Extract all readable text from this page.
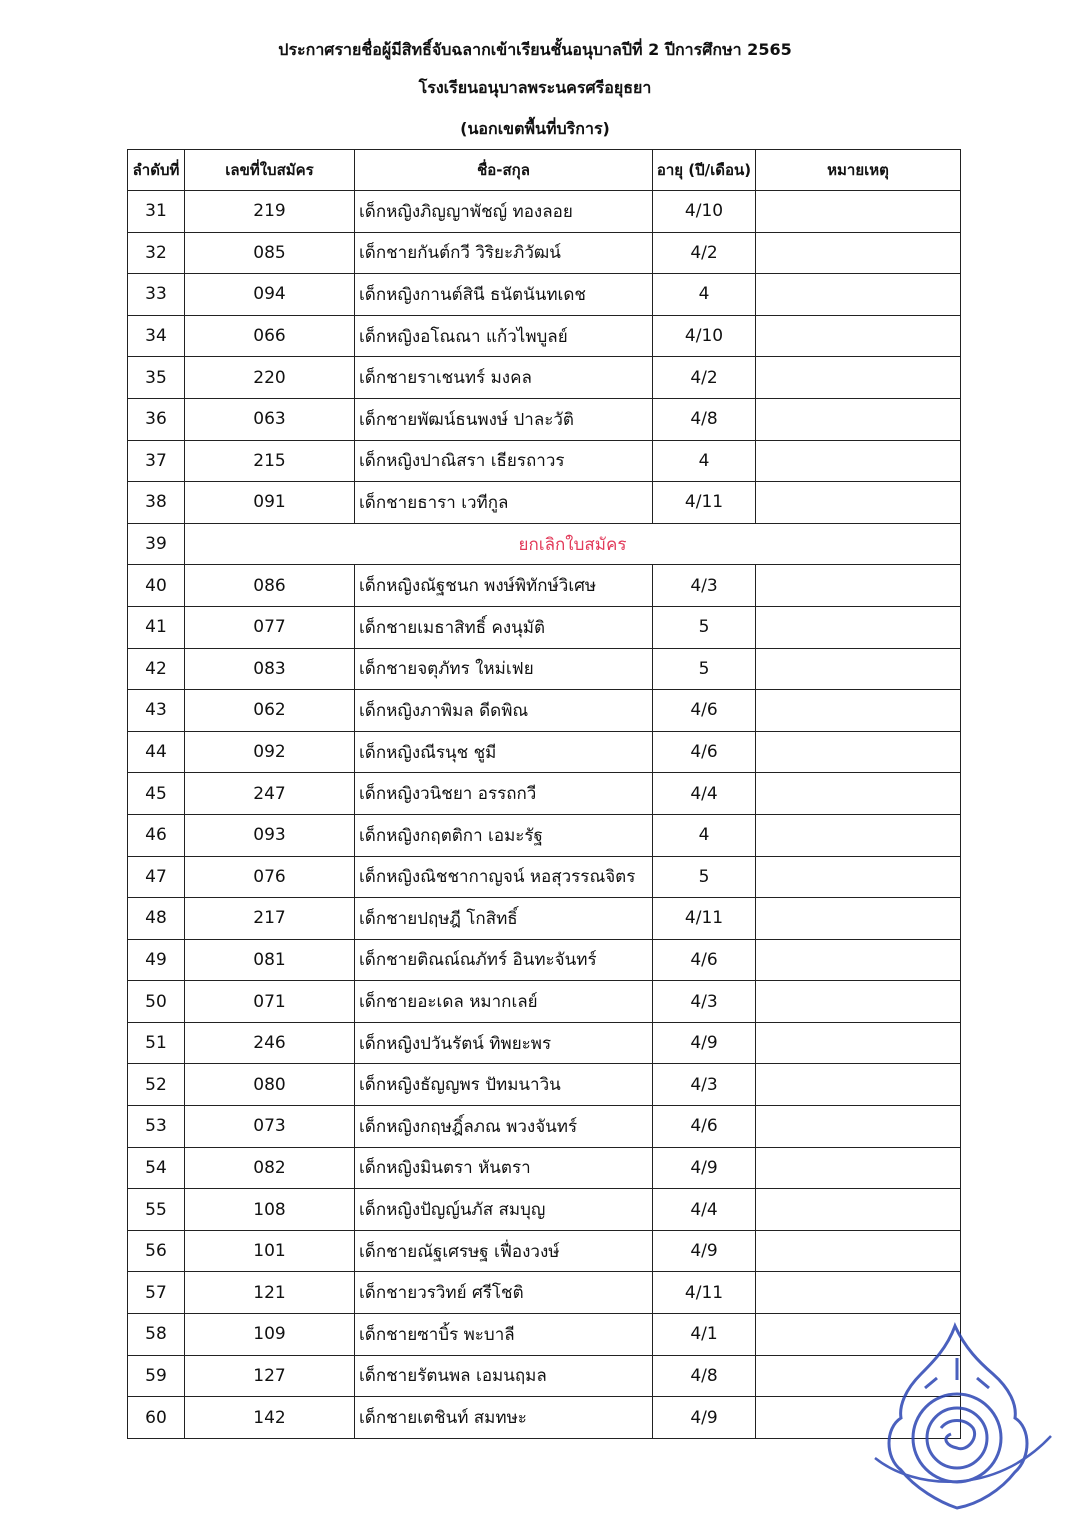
ประกาศรายชื่อผู้มีสิทธิ์จับฉลากเข้าเรียนชั้นอนุบาลปีที่ 2 ปีการศึกษา 2565
โรงเรียนอนุบาลพระนครศรีอยุธยา
(นอกเขตพื้นที่บริการ)
ลำดับที่	เลขที่ใบสมัคร	ชื่อ-สกุล	อายุ (ปี/เดือน)	หมายเหตุ
31	219	เด็กหญิงภิญญาพัชญ์ ทองลอย	4/10	
32	085	เด็กชายกันต์กวี วิริยะภิวัฒน์	4/2	
33	094	เด็กหญิงกานต์สินี ธนัตนันทเดช	4	
34	066	เด็กหญิงอโณณา แก้วไพบูลย์	4/10	
35	220	เด็กชายราเชนทร์ มงคล	4/2	
36	063	เด็กชายพัฒน์ธนพงษ์ ปาละวัติ	4/8	
37	215	เด็กหญิงปาณิสรา เธียรถาวร	4	
38	091	เด็กชายธารา เวทีกูล	4/11	
39	ยกเลิกใบสมัคร			
40	086	เด็กหญิงณัฐชนก พงษ์พิทักษ์วิเศษ	4/3	
41	077	เด็กชายเมธาสิทธิ์ คงนุมัติ	5	
42	083	เด็กชายจตุภัทร ใหม่เฟย	5	
43	062	เด็กหญิงภาพิมล ดีดพิณ	4/6	
44	092	เด็กหญิงณีรนุช ชูมี	4/6	
45	247	เด็กหญิงวนิชยา อรรถกวี	4/4	
46	093	เด็กหญิงกฤตติกา เอมะรัฐ	4	
47	076	เด็กหญิงณิชชากาญจน์ หอสุวรรณจิตร	5	
48	217	เด็กชายปฤษฎี โกสิทธิ์	4/11	
49	081	เด็กชายติณณ์ณภัทร์ อินทะจันทร์	4/6	
50	071	เด็กชายอะเดล หมากเลย์	4/3	
51	246	เด็กหญิงปวันรัตน์ ทิพยะพร	4/9	
52	080	เด็กหญิงธัญญพร ปัทมนาวิน	4/3	
53	073	เด็กหญิงกฤษฎิ์ลภณ พวงจันทร์	4/6	
54	082	เด็กหญิงมินตรา หันตรา	4/9	
55	108	เด็กหญิงปัญญ์นภัส สมบุญ	4/4	
56	101	เด็กชายณัฐเศรษฐ เฟื่องวงษ์	4/9	
57	121	เด็กชายวรวิทย์ ศรีโชติ	4/11	
58	109	เด็กชายซาบิ้ร พะบาลี	4/1	
59	127	เด็กชายรัตนพล เอมนฤมล	4/8	
60	142	เด็กชายเตชินท์ สมทษะ	4/9	
